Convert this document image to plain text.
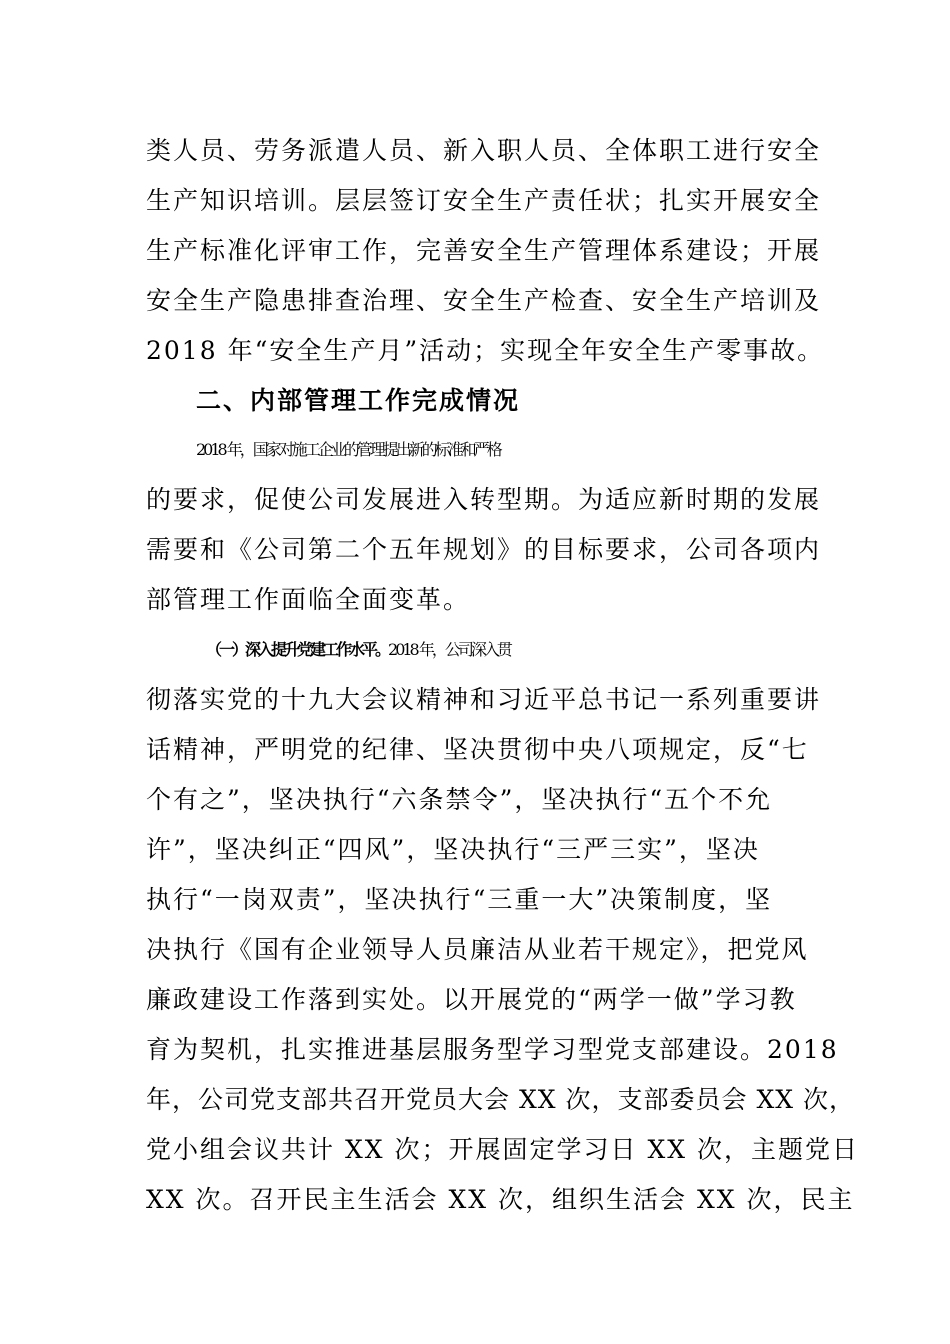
类人员、劳务派遣人员、新入职人员、全体职工进行安全
生产知识培训。层层签订安全生产责任状；扎实开展安全
生产标准化评审工作，完善安全生产管理体系建设；开展
安全生产隐患排查治理、安全生产检查、安全生产培训及
2018 年“安全生产月”活动；实现全年安全生产零事故。
二、内部管理工作完成情况
2018 年，国家对施工企业的管理提出新的标准和严格
的要求，促使公司发展进入转型期。为适应新时期的发展
需要和《公司第二个五年规划》的目标要求，公司各项内
部管理工作面临全面变革。
（一）深入提升党建工作水平。2018 年，公司深入贯
彻落实党的十九大会议精神和习近平总书记一系列重要讲
话精神，严明党的纪律、坚决贯彻中央八项规定，反“七
个有之”，坚决执行“六条禁令”，坚决执行“五个不允
许”，坚决纠正“四风”，坚决执行“三严三实”，坚决
执行“一岗双责”，坚决执行“三重一大”决策制度，坚
决执行《国有企业领导人员廉洁从业若干规定》，把党风
廉政建设工作落到实处。以开展党的“两学一做”学习教
育为契机，扎实推进基层服务型学习型党支部建设。2018
年，公司党支部共召开党员大会 XX 次，支部委员会 XX 次，
党小组会议共计 XX 次；开展固定学习日 XX 次，主题党日
XX 次。召开民主生活会 XX 次，组织生活会 XX 次，民主
